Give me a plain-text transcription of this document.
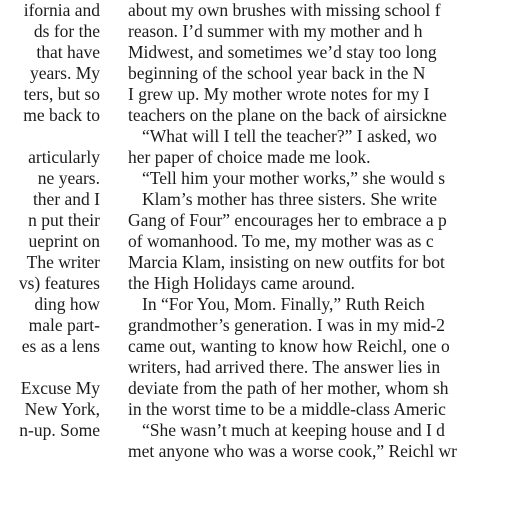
ifornia and
ds for the
that have
years. My
ters, but so
me back to
articularly
ne years.
ther and I
n put their
ueprint on
The writer
vs) features
ding how
male part-
es as a lens
Excuse My
New York,
n-up. Some
about my own brushes with missing school f
reason. I’d summer with my mother and h
Midwest, and sometimes we’d stay too long
beginning of the school year back in the N
I grew up. My mother wrote notes for my I
teachers on the plane on the back of airsickne
“What will I tell the teacher?” I asked, wo
her paper of choice made me look.
“Tell him your mother works,” she would s
Klam’s mother has three sisters. She write
Gang of Four” encourages her to embrace a p
of womanhood. To me, my mother was as c
Marcia Klam, insisting on new outfits for bot
the High Holidays came around.
In “For You, Mom. Finally,” Ruth Reich
grandmother’s generation. I was in my mid-2
came out, wanting to know how Reichl, one o
writers, had arrived there. The answer lies in
deviate from the path of her mother, whom sh
in the worst time to be a middle-class Americ
“She wasn’t much at keeping house and I d
met anyone who was a worse cook,” Reichl wr
